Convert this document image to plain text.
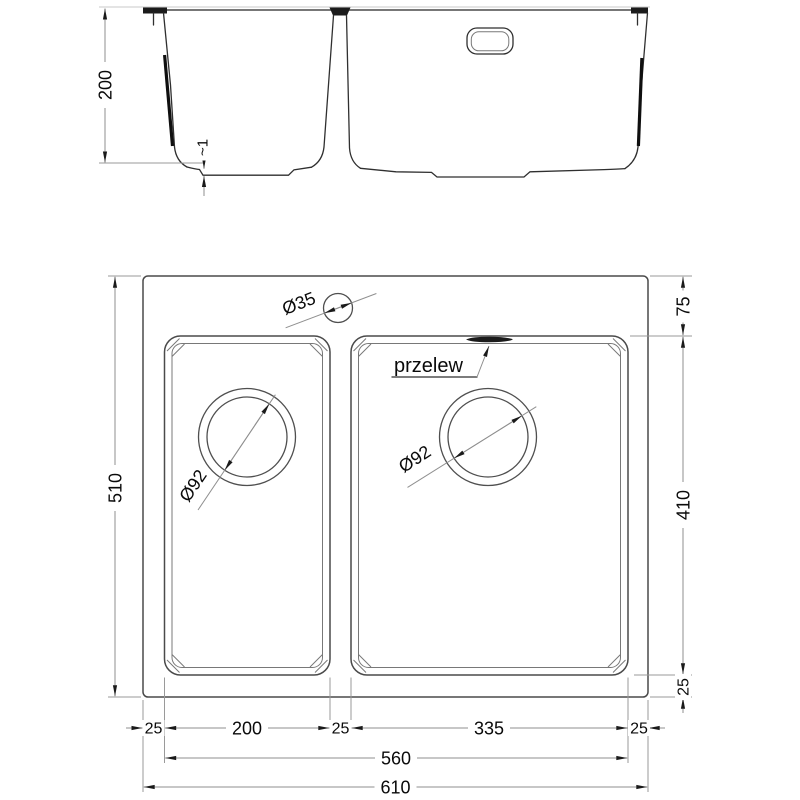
200
~1
przelew
Ø35
Ø92
Ø92
510
75
410
25
25	200	25	335	25
560
610
